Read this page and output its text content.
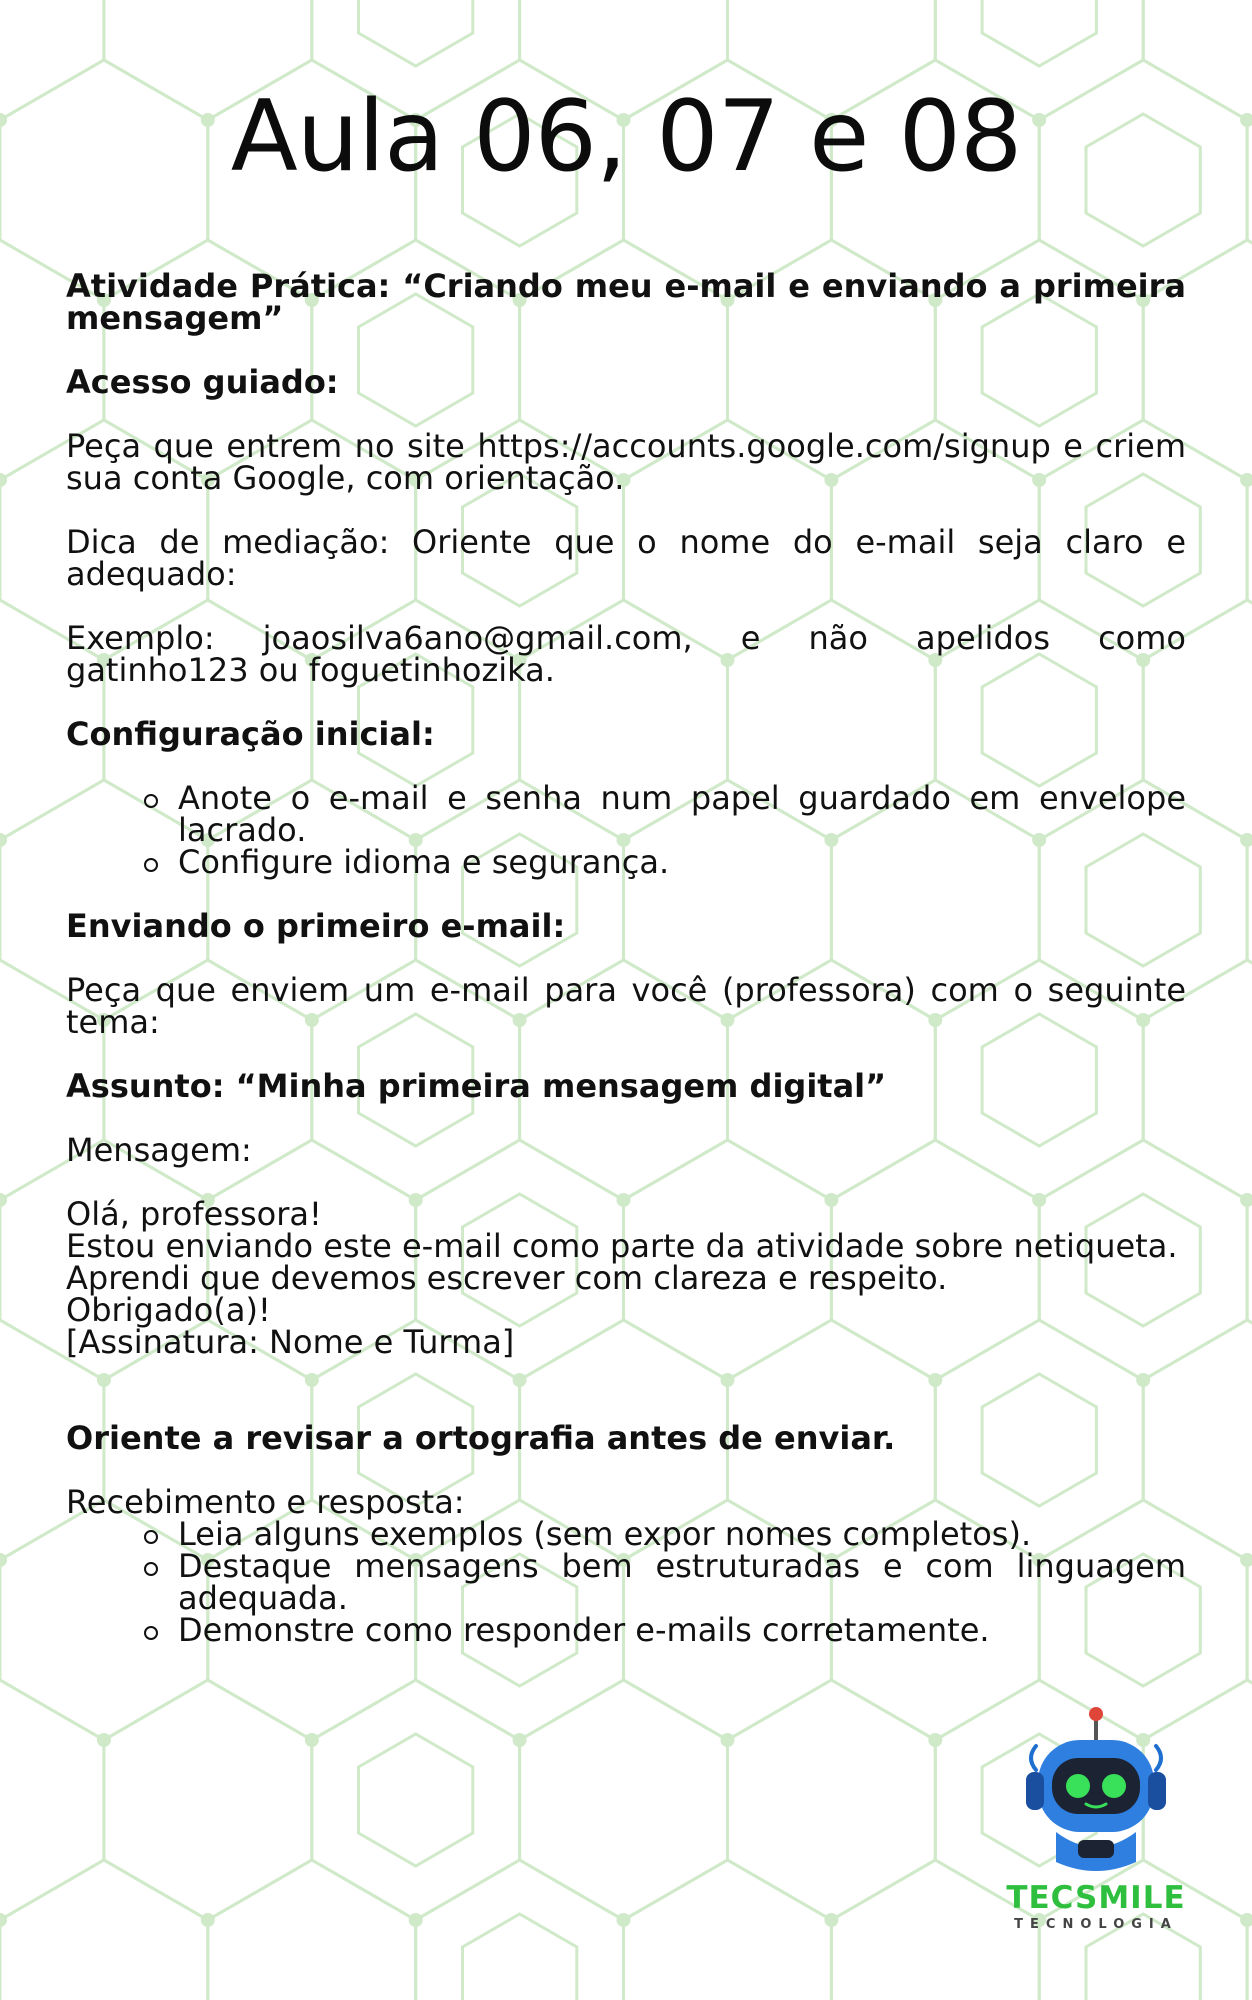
Aula 06, 07 e 08

Atividade Prática: “Criando meu e-mail e enviando a primeira mensagem”

Acesso guiado:

Peça que entrem no site https://accounts.google.com/signup e criem sua conta Google, com orientação.

Dica de mediação: Oriente que o nome do e-mail seja claro e adequado:

Exemplo: joaosilva6ano@gmail.com, e não apelidos como gatinho123 ou foguetinhozika.

Configuração inicial:

Anote o e-mail e senha num papel guardado em envelope lacrado.
Configure idioma e segurança.

Enviando o primeiro e-mail:

Peça que enviem um e-mail para você (professora) com o seguinte tema:

Assunto: “Minha primeira mensagem digital”

Mensagem:

Olá, professora!

Estou enviando este e-mail como parte da atividade sobre netiqueta.

Aprendi que devemos escrever com clareza e respeito.

Obrigado(a)!

[Assinatura: Nome e Turma]

Oriente a revisar a ortografia antes de enviar.

Recebimento e resposta:

Leia alguns exemplos (sem expor nomes completos).
Destaque mensagens bem estruturadas e com linguagem adequada.
Demonstre como responder e-mails corretamente.
TECSMILE
TECNOLOGIA
